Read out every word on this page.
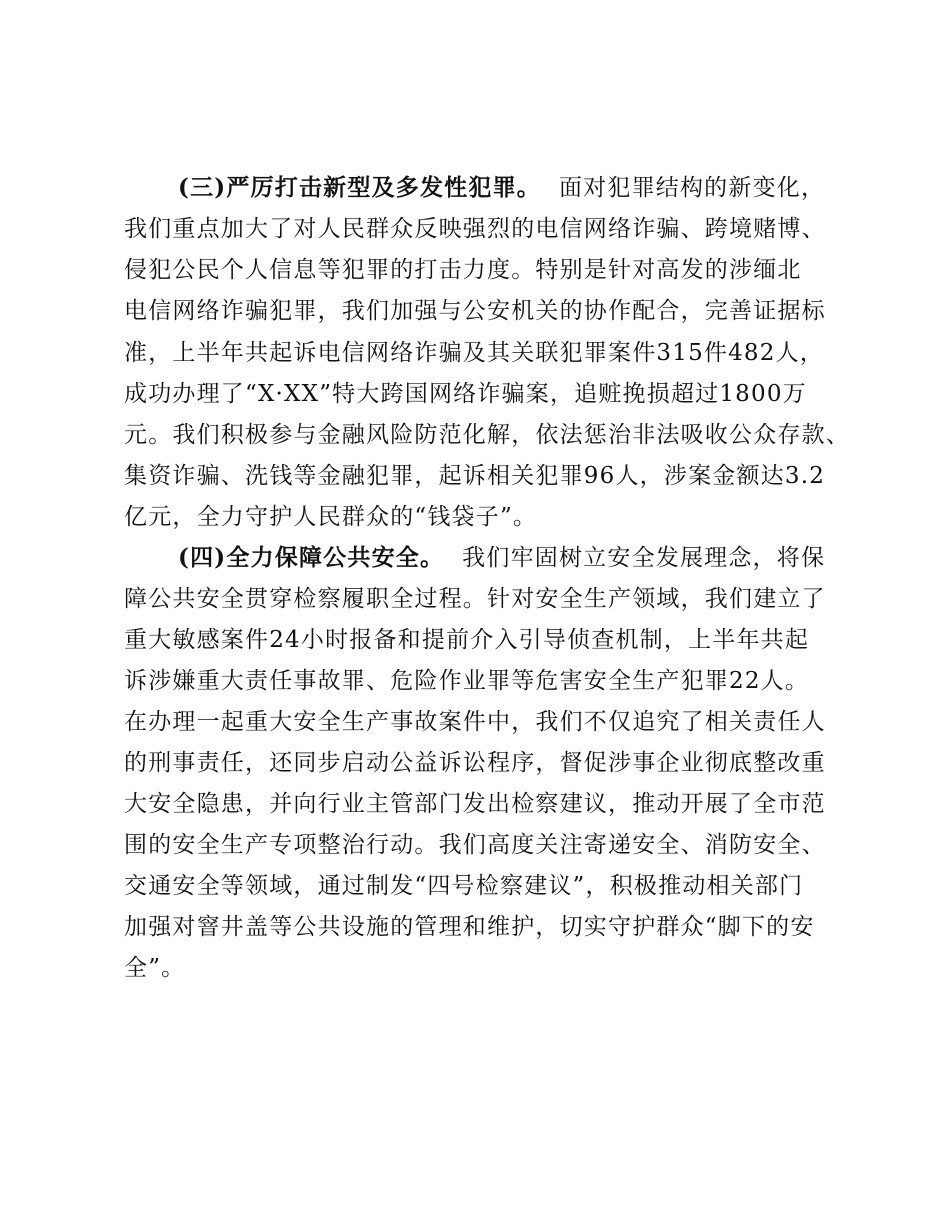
(三)严厉打击新型及多发性犯罪。 面对犯罪结构的新变化，
我们重点加大了对人民群众反映强烈的电信网络诈骗、跨境赌博、
侵犯公民个人信息等犯罪的打击力度。特别是针对高发的涉缅北
电信网络诈骗犯罪，我们加强与公安机关的协作配合，完善证据标
准，上半年共起诉电信网络诈骗及其关联犯罪案件315件482人，
成功办理了“X·XX”特大跨国网络诈骗案，追赃挽损超过1800万
元。我们积极参与金融风险防范化解，依法惩治非法吸收公众存款、
集资诈骗、洗钱等金融犯罪，起诉相关犯罪96人，涉案金额达3.2
亿元，全力守护人民群众的“钱袋子”。
(四)全力保障公共安全。 我们牢固树立安全发展理念，将保
障公共安全贯穿检察履职全过程。针对安全生产领域，我们建立了
重大敏感案件24小时报备和提前介入引导侦查机制，上半年共起
诉涉嫌重大责任事故罪、危险作业罪等危害安全生产犯罪22人。
在办理一起重大安全生产事故案件中，我们不仅追究了相关责任人
的刑事责任，还同步启动公益诉讼程序，督促涉事企业彻底整改重
大安全隐患，并向行业主管部门发出检察建议，推动开展了全市范
围的安全生产专项整治行动。我们高度关注寄递安全、消防安全、
交通安全等领域，通过制发“四号检察建议”，积极推动相关部门
加强对窨井盖等公共设施的管理和维护，切实守护群众“脚下的安
全”。
